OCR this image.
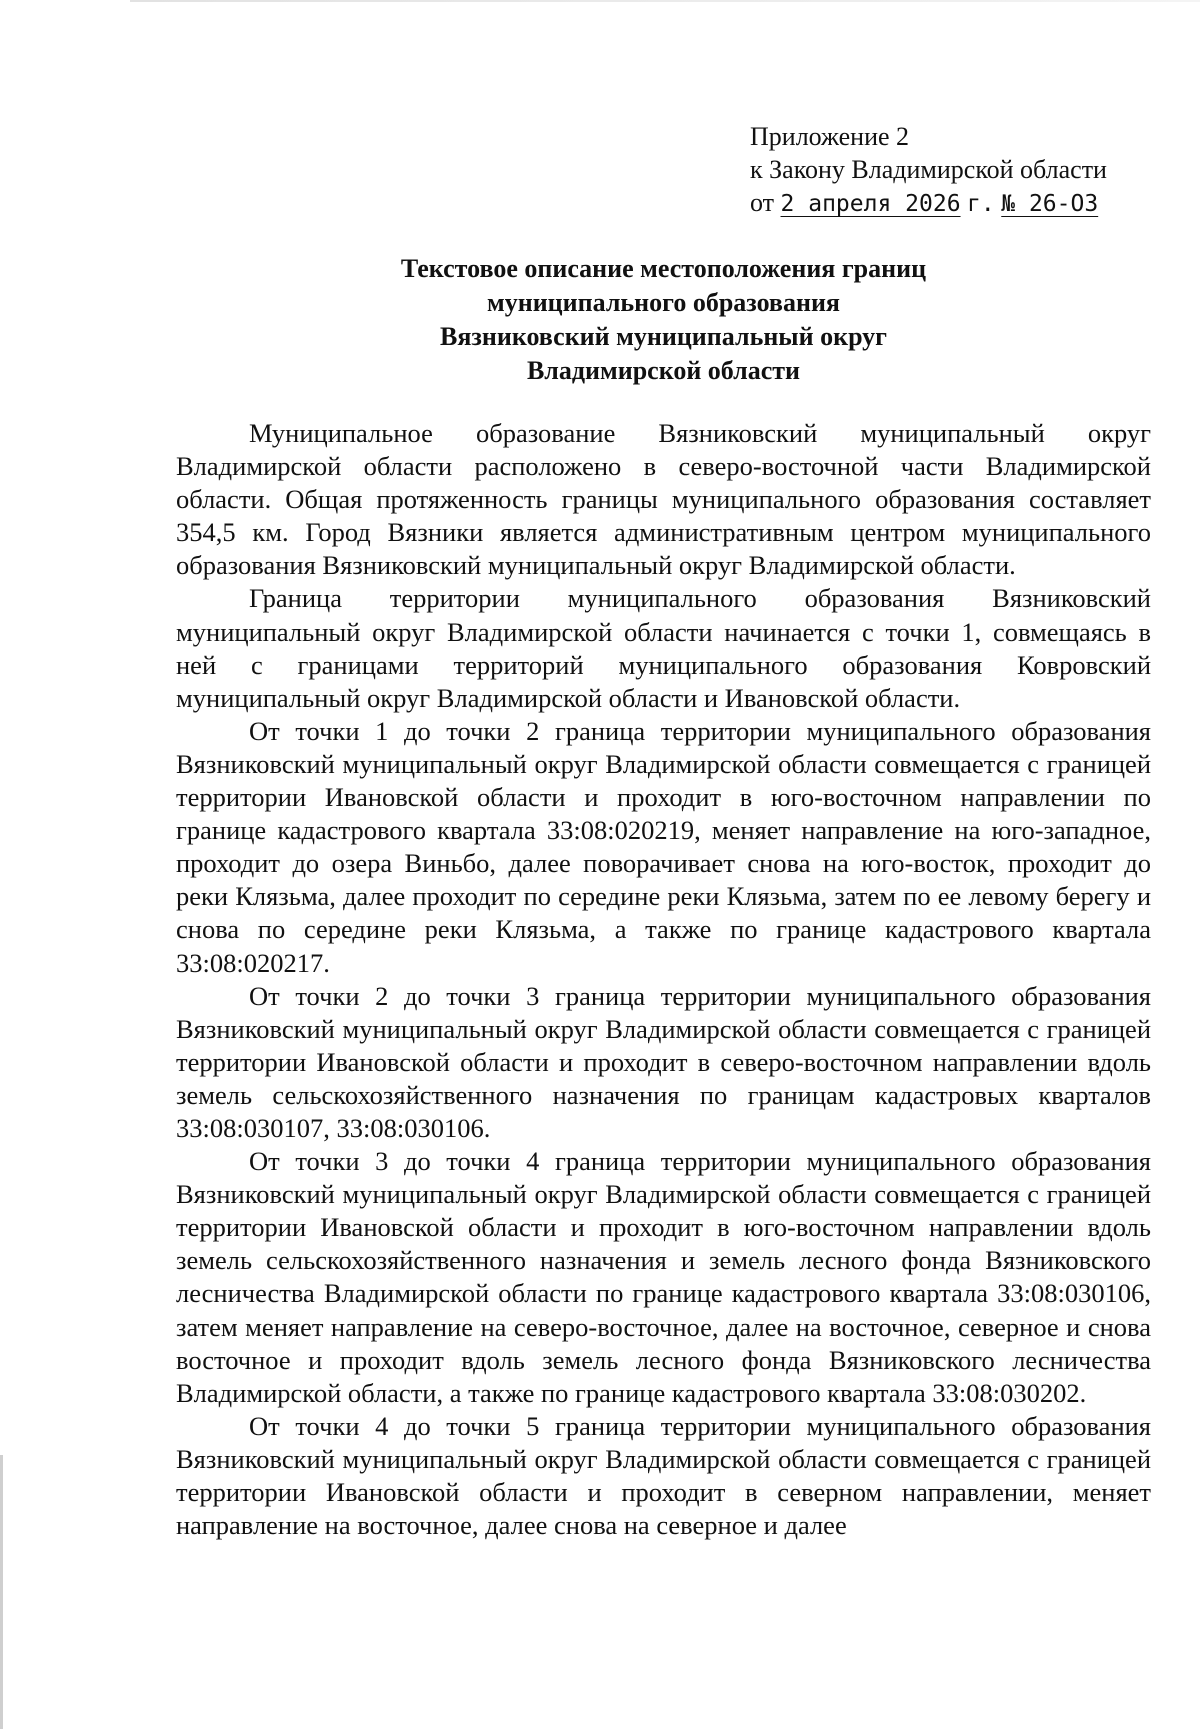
Приложение 2
к Закону Владимирской области
от 2 апреля 2026 г. № 26-ОЗ
Текстовое описание местоположения границ
муниципального образования
Вязниковский муниципальный округ
Владимирской области

Муниципальное образование Вязниковский муниципальный округ Владимирской области расположено в северо-восточной части Владимирской области. Общая протяженность границы муниципального образования составляет 354,5 км. Город Вязники является административным центром муниципального образования Вязниковский муниципальный округ Владимирской области.

Граница территории муниципального образования Вязниковский муниципальный округ Владимирской области начинается с точки 1, совмещаясь в ней с границами территорий муниципального образования Ковровский муниципальный округ Владимирской области и Ивановской области.

От точки 1 до точки 2 граница территории муниципального образования Вязниковский муниципальный округ Владимирской области совмещается с границей территории Ивановской области и проходит в юго-восточном направлении по границе кадастрового квартала 33:08:020219, меняет направление на юго-западное, проходит до озера Виньбо, далее поворачивает снова на юго-восток, проходит до реки Клязьма, далее проходит по середине реки Клязьма, затем по ее левому берегу и снова по середине реки Клязьма, а также по границе кадастрового квартала 33:08:020217.

От точки 2 до точки 3 граница территории муниципального образования Вязниковский муниципальный округ Владимирской области совмещается с границей территории Ивановской области и проходит в северо-восточном направлении вдоль земель сельскохозяйственного назначения по границам кадастровых кварталов 33:08:030107, 33:08:030106.

От точки 3 до точки 4 граница территории муниципального образования Вязниковский муниципальный округ Владимирской области совмещается с границей территории Ивановской области и проходит в юго-восточном направлении вдоль земель сельскохозяйственного назначения и земель лесного фонда Вязниковского лесничества Владимирской области по границе кадастрового квартала 33:08:030106, затем меняет направление на северо-восточное, далее на восточное, северное и снова восточное и проходит вдоль земель лесного фонда Вязниковского лесничества Владимирской области, а также по границе кадастрового квартала 33:08:030202.

От точки 4 до точки 5 граница территории муниципального образования Вязниковский муниципальный округ Владимирской области совмещается с границей территории Ивановской области и проходит в северном направлении, меняет направление на восточное, далее снова на северное и далее
